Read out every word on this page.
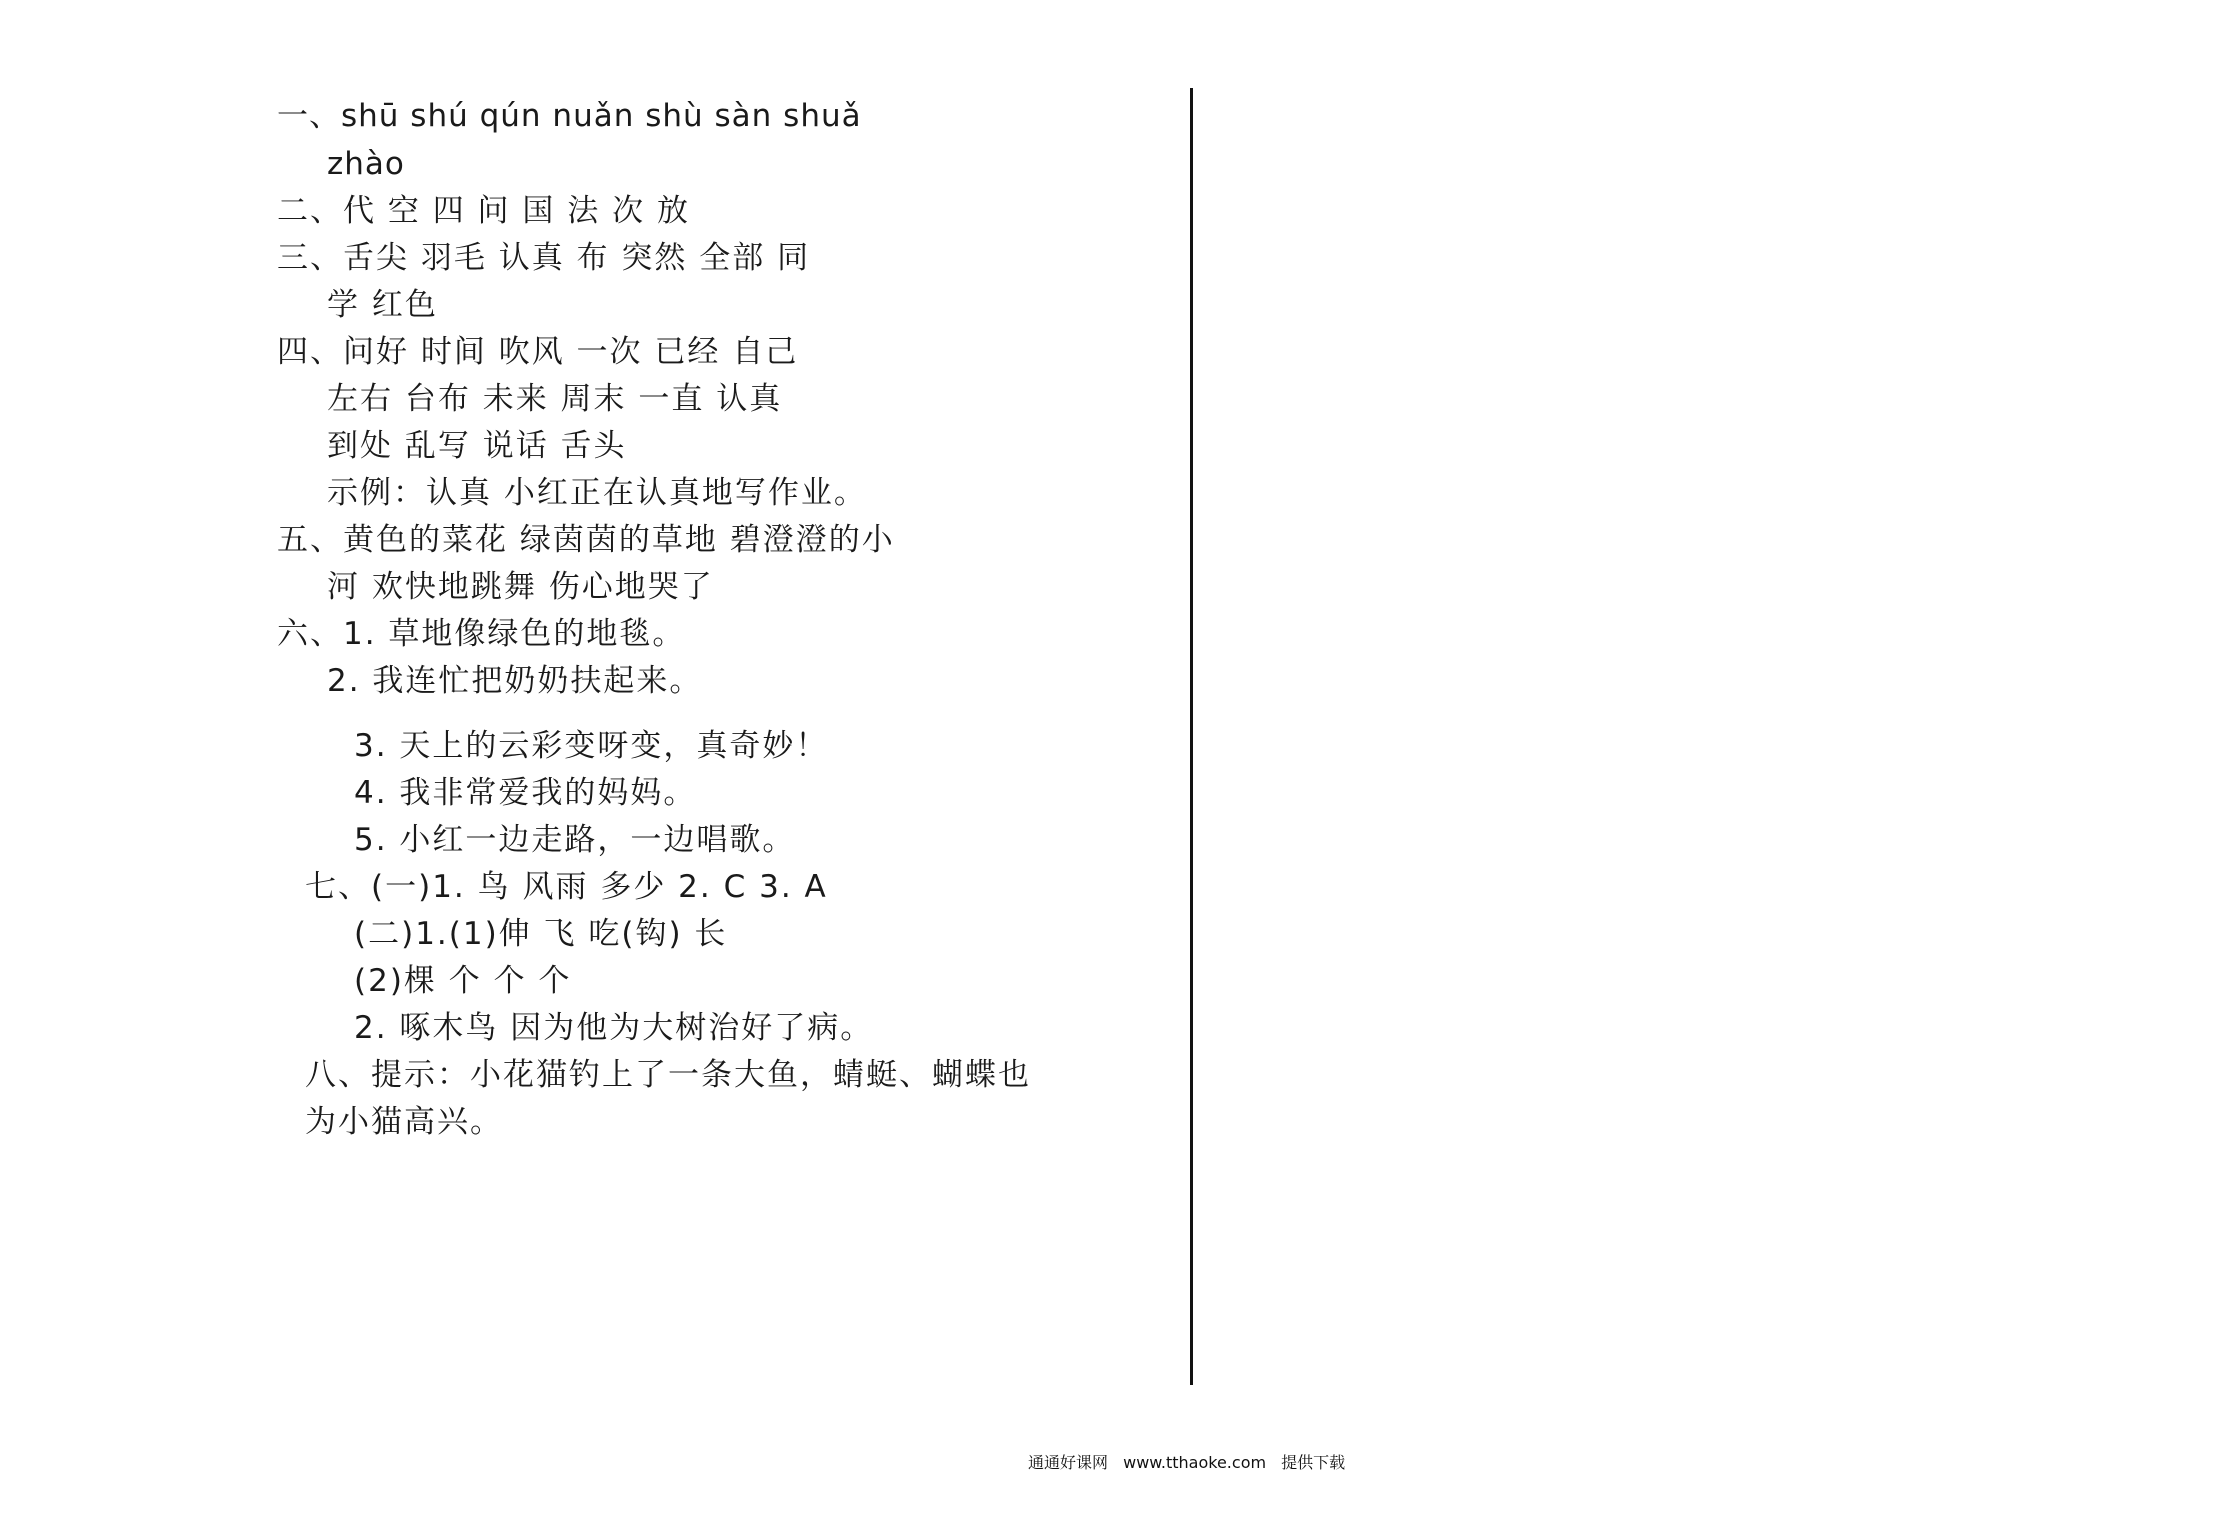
一、shū shú qún nuǎn shù sàn shuǎ
zhào
二、代 空 四 问 国 法 次 放
三、舌尖 羽毛 认真 布 突然 全部 同
学 红色
四、问好 时间 吹风 一次 已经 自己
左右 台布 未来 周末 一直 认真
到处 乱写 说话 舌头
示例：认真 小红正在认真地写作业。
五、黄色的菜花 绿茵茵的草地 碧澄澄的小
河 欢快地跳舞 伤心地哭了
六、1. 草地像绿色的地毯。
2. 我连忙把奶奶扶起来。
3. 天上的云彩变呀变，真奇妙！
4. 我非常爱我的妈妈。
5. 小红一边走路，一边唱歌。
七、(一)1. 鸟 风雨 多少 2. C 3. A
(二)1.(1)伸 飞 吃(钩) 长
(2)棵 个 个 个
2. 啄木鸟 因为他为大树治好了病。
八、提示：小花猫钓上了一条大鱼，蜻蜓、蝴蝶也
为小猫高兴。
通通好课网 www.tthaoke.com 提供下载
